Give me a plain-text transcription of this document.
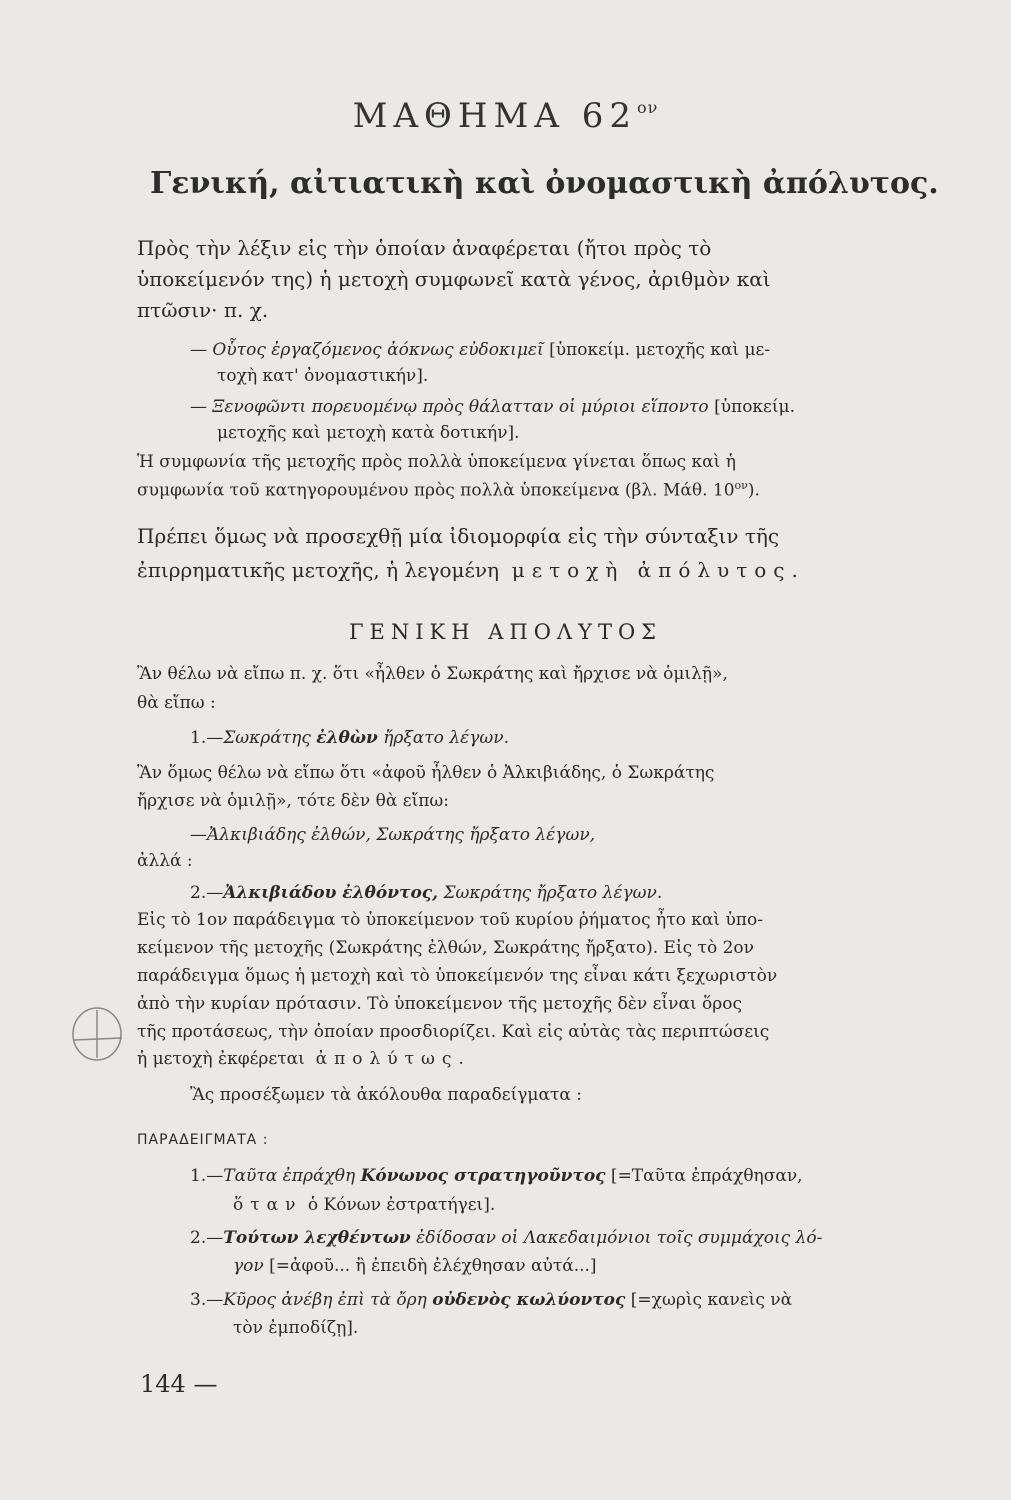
ΜΑΘΗΜΑ $62^{o\nu}$
Γενική, αἰτιατικὴ καὶ ὀνομαστικὴ ἀπόλυτος.
Πρὸς τὴν λέξιν εἰς τὴν ὁποίαν ἀναφέρεται (ἤτοι πρὸς τὸ
ὑποκείμενόν της) ἡ μετοχὴ συμφωνεῖ κατὰ γένος, ἀριθμὸν καὶ
πτῶσιν· π. χ.
— Οὗτος ἐργαζόμενος ἀόκνως εὐδοκιμεῖ [ὑποκείμ. μετοχῆς καὶ με-
τοχὴ κατ' ὀνομαστικήν].
— Ξενοφῶντι πορευομένῳ πρὸς θάλατταν οἱ μύριοι εἵποντο [ὑποκείμ.
μετοχῆς καὶ μετοχὴ κατὰ δοτικήν].
Ἡ συμφωνία τῆς μετοχῆς πρὸς πολλὰ ὑποκείμενα γίνεται ὅπως καὶ ἡ
συμφωνία τοῦ κατηγορουμένου πρὸς πολλὰ ὑποκείμενα (βλ. Μάθ. $10^{o\nu}$).
Πρέπει ὅμως νὰ προσεχθῇ μία ἰδιομορφία εἰς τὴν σύνταξιν τῆς
ἐπιρρηματικῆς μετοχῆς, ἡ λεγομένη μετοχὴ ἀπόλυτος.
ΓΕΝΙΚΗ ΑΠΟΛΥΤΟΣ
Ἂν θέλω νὰ εἴπω π. χ. ὅτι «ἦλθεν ὁ Σωκράτης καὶ ἤρχισε νὰ ὁμιλῇ»,
θὰ εἴπω :
1.—Σωκράτης ἐλθὼν ἤρξατο λέγων.
Ἂν ὅμως θέλω νὰ εἴπω ὅτι «ἀφοῦ ἦλθεν ὁ Ἀλκιβιάδης, ὁ Σωκράτης
ἤρχισε νὰ ὁμιλῇ», τότε δὲν θὰ εἴπω:
—Ἀλκιβιάδης ἐλθών, Σωκράτης ἤρξατο λέγων,
ἀλλά :
2.—Ἀλκιβιάδου ἐλθόντος, Σωκράτης ἤρξατο λέγων.
Εἰς τὸ 1ον παράδειγμα τὸ ὑποκείμενον τοῦ κυρίου ῥήματος ἦτο καὶ ὑπο-
κείμενον τῆς μετοχῆς (Σωκράτης ἐλθών, Σωκράτης ἤρξατο). Εἰς τὸ 2ον
παράδειγμα ὅμως ἡ μετοχὴ καὶ τὸ ὑποκείμενόν της εἶναι κάτι ξεχωριστὸν
ἀπὸ τὴν κυρίαν πρότασιν. Τὸ ὑποκείμενον τῆς μετοχῆς δὲν εἶναι ὅρος
τῆς προτάσεως, τὴν ὁποίαν προσδιορίζει. Καὶ εἰς αὐτὰς τὰς περιπτώσεις
ἡ μετοχὴ ἐκφέρεται ἀπολύτως.
Ἂς προσέξωμεν τὰ ἀκόλουθα παραδείγματα :
ΠΑΡΑΔΕΙΓΜΑΤΑ :
1.—Ταῦτα ἐπράχθη Κόνωνος στρατηγοῦντος [=Ταῦτα ἐπράχθησαν,
ὅταν ὁ Κόνων ἐστρατήγει].
2.—Τούτων λεχθέντων ἐδίδοσαν οἱ Λακεδαιμόνιοι τοῖς συμμάχοις λό-
γον [=ἀφοῦ... ἢ ἐπειδὴ ἐλέχθησαν αὐτά...]
3.—Κῦρος ἀνέβη ἐπὶ τὰ ὄρη οὐδενὸς κωλύοντος [=χωρὶς κανεὶς νὰ
τὸν ἐμποδίζῃ].
144 —
